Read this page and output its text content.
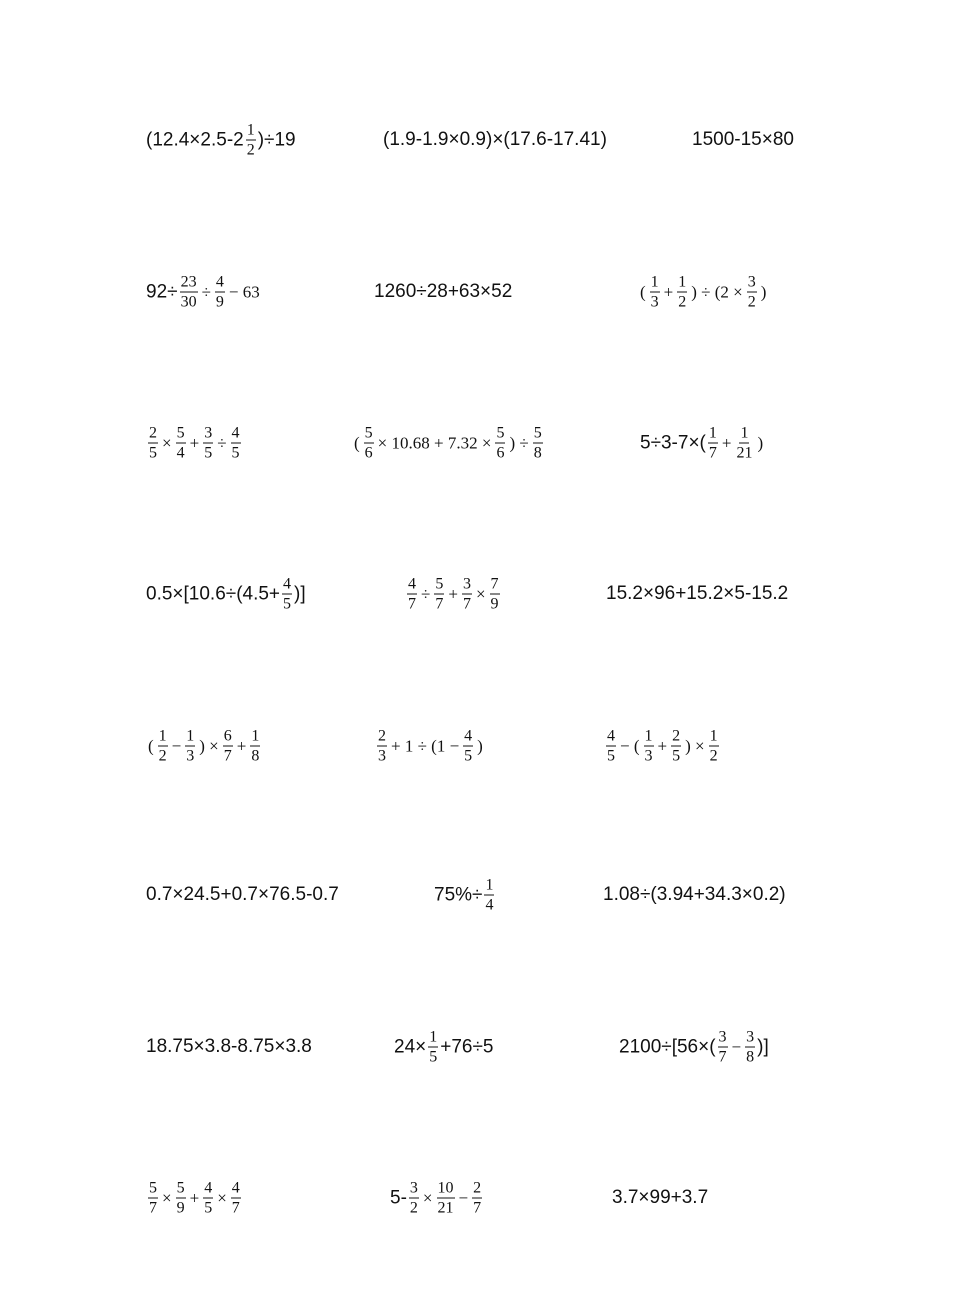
$(12.4\times 2.5-2 \frac{1}{2} )\div 19$	(1.9-1.9×0.9)×(17.6-17.41)	1500-15×80
$92\div \frac{23}{30} \div \frac{4}{9} - 63$	1260÷28+63×52	( $\frac{1}{3} + \frac{1}{2}$ ) ÷ ($2 \times \frac{3}{2}$ )
$\frac{2}{5} \times \frac{5}{4} + \frac{3}{5} \div \frac{4}{5}$	( $\frac{5}{6} \times 10.68 + 7.32 \times \frac{5}{6}$ ) ÷ $\frac{5}{8}$	$5\div 3-7\times( \frac{1}{7} + \frac{1}{21}$ )
$0.5\times[10.6\div(4.5+ \frac{4}{5}$ )]	$\frac{4}{7} \div \frac{5}{7} + \frac{3}{7} \times \frac{7}{9}$	15.2×96+15.2×5-15.2
( $\frac{1}{2} - \frac{1}{3}$ ) × $\frac{6}{7} + \frac{1}{8}$	$\frac{2}{3} + 1 \div (1 - \frac{4}{5}$ )	$\frac{4}{5}$ − ( $\frac{1}{3} + \frac{2}{5}$ ) × $\frac{1}{2}$
0.7×24.5+0.7×76.5-0.7	$75\%\div \frac{1}{4}$	1.08÷(3.94+34.3×0.2)
18.75×3.8-8.75×3.8	$24\times \frac{1}{5} +76\div 5$	$2100\div[56\times( \frac{3}{7} - \frac{3}{8}$ )]
$\frac{5}{7} \times \frac{5}{9} + \frac{4}{5} \times \frac{4}{7}$	$5- \frac{3}{2} \times \frac{10}{21} - \frac{2}{7}$	3.7×99+3.7
